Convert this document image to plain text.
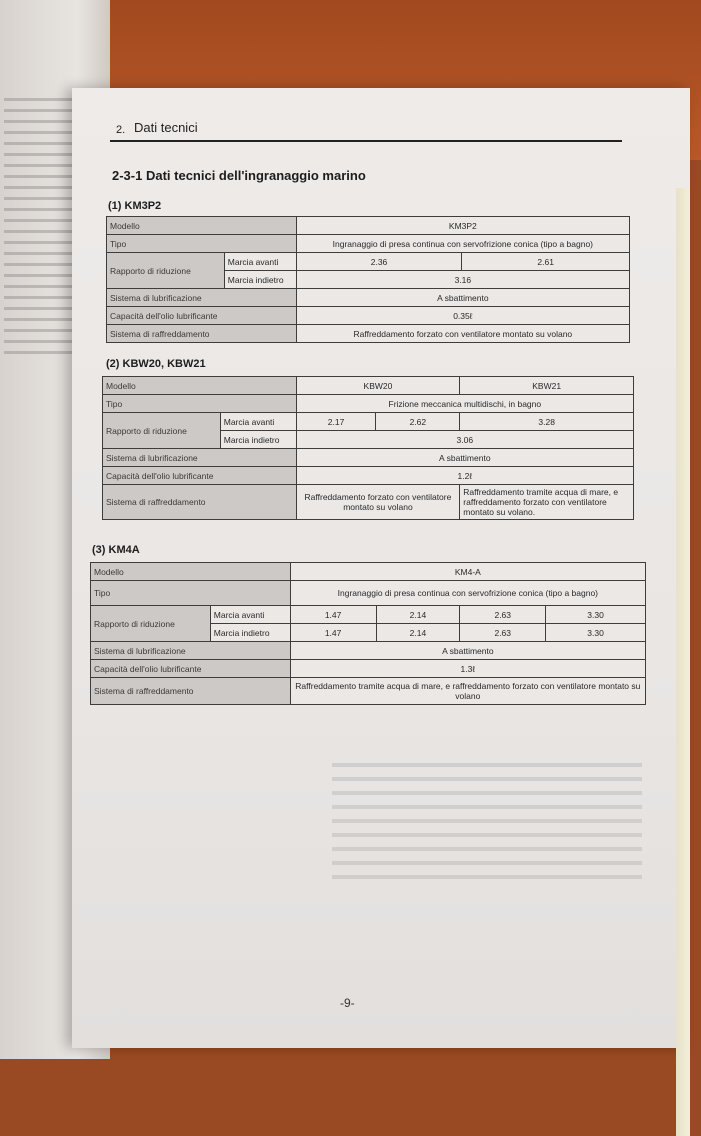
2. Dati tecnici
2-3-1 Dati tecnici dell'ingranaggio marino
(1) KM3P2
Modello		KM3P2	
Tipo		Ingranaggio di presa continua con servofrizione conica (tipo a bagno)	
Rapporto di riduzione	Marcia avanti	2.36	2.61
	Marcia indietro	3.16	
Sistema di lubrificazione		A sbattimento	
Capacità dell'olio lubrificante		0.35ℓ	
Sistema di raffreddamento		Raffreddamento forzato con ventilatore montato su volano	
(2) KBW20, KBW21
Modello		KBW20		KBW21
Tipo		Frizione meccanica multidischi, in bagno		
Rapporto di riduzione	Marcia avanti	2.17	2.62	3.28
	Marcia indietro	3.06		
Sistema di lubrificazione		A sbattimento		
Capacità dell'olio lubrificante		1.2ℓ		
Sistema di raffreddamento		Raffreddamento forzato con ventilatore montato su volano		Raffreddamento tramite acqua di mare, e raffreddamento forzato con ventilatore montato su volano.
(3) KM4A
Modello		KM4-A			
Tipo		Ingranaggio di presa continua con servofrizione conica (tipo a bagno)			
Rapporto di riduzione	Marcia avanti	1.47	2.14	2.63	3.30
	Marcia indietro	1.47	2.14	2.63	3.30
Sistema di lubrificazione		A sbattimento			
Capacità dell'olio lubrificante		1.3ℓ			
Sistema di raffreddamento		Raffreddamento tramite acqua di mare, e raffreddamento forzato con ventilatore montato su volano			
-9-
